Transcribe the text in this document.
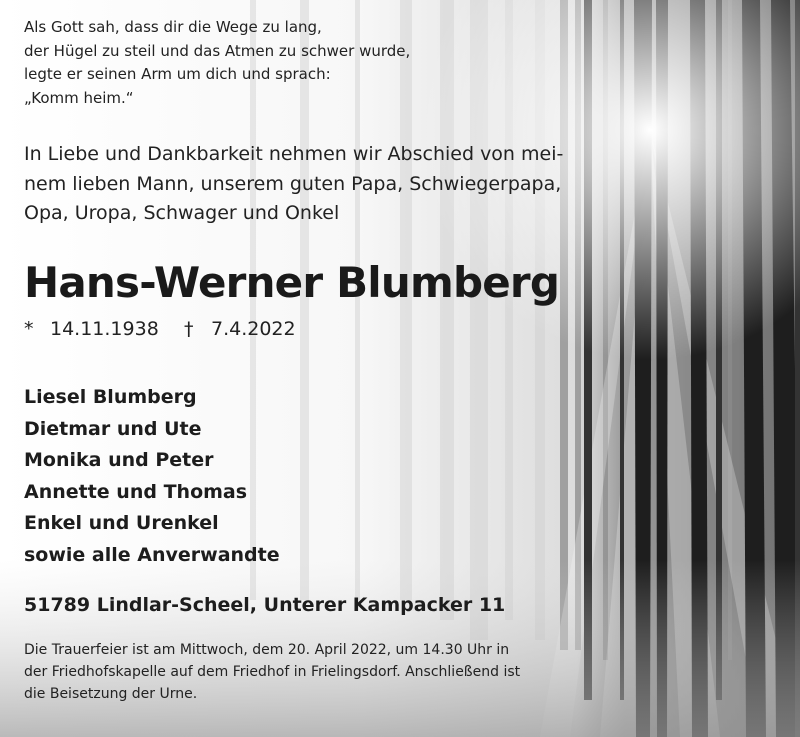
Als Gott sah, dass dir die Wege zu lang,
der Hügel zu steil und das Atmen zu schwer wurde,
legte er seinen Arm um dich und sprach:
„Komm heim.“
In Liebe und Dankbarkeit nehmen wir Abschied von mei-
nem lieben Mann, unserem guten Papa, Schwiegerpapa,
Opa, Uropa, Schwager und Onkel
Hans-Werner Blumberg
* 14.11.1938 † 7.4.2022
Liesel Blumberg
Dietmar und Ute
Monika und Peter
Annette und Thomas
Enkel und Urenkel
sowie alle Anverwandte
51789 Lindlar-Scheel, Unterer Kampacker 11
Die Trauerfeier ist am Mittwoch, dem 20. April 2022, um 14.30 Uhr in
der Friedhofskapelle auf dem Friedhof in Frielingsdorf. Anschließend ist
die Beisetzung der Urne.
